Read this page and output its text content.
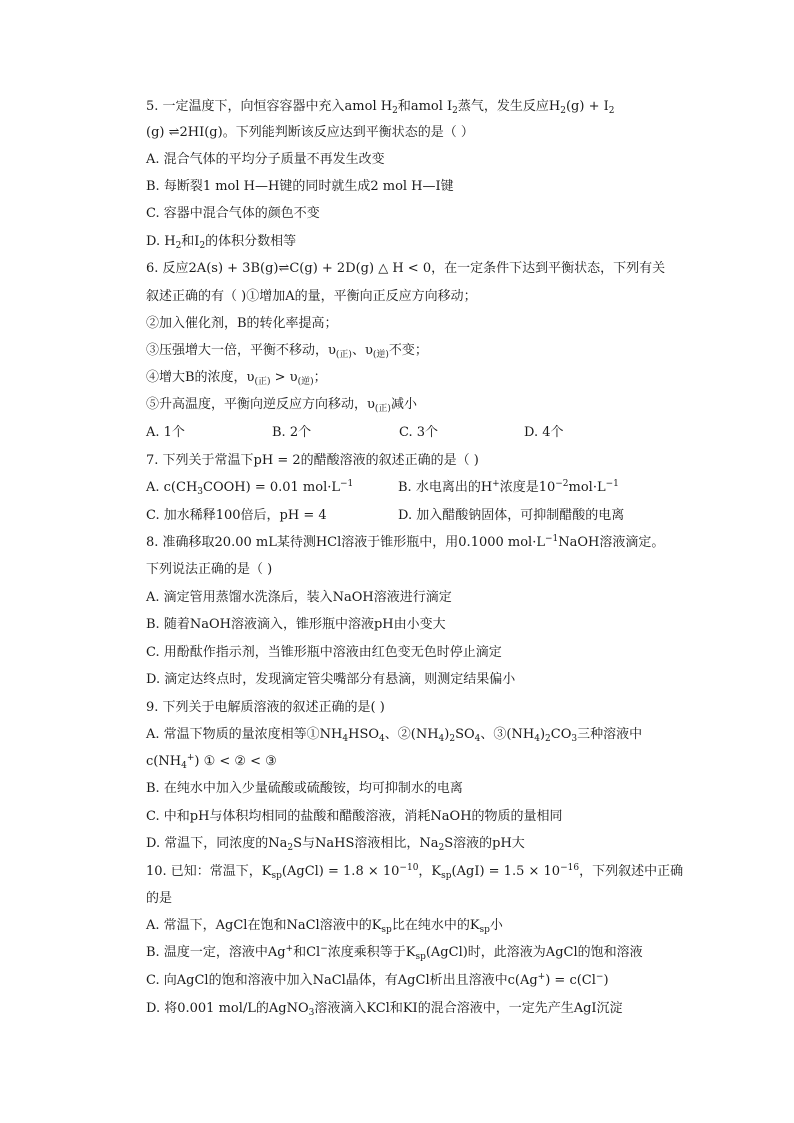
5. 一定温度下，向恒容容器中充入amol $H_2$和amol $I_2$蒸气，发生反应$H_2(g) + I_2$
(g) ⇌2HI(g)。下列能判断该反应达到平衡状态的是（ ）
A. 混合气体的平均分子质量不再发生改变
B. 每断裂1 mol H—H键的同时就生成2 mol H—I键
C. 容器中混合气体的颜色不变
D. $H_2$和$I_2$的体积分数相等
6. 反应2A(s) + 3B(g)⇌C(g) + 2D(g) △ H < 0，在一定条件下达到平衡状态，下列有关
叙述正确的有（ )①增加A的量，平衡向正反应方向移动；
②加入催化剂，B的转化率提高；
③压强增大一倍，平衡不移动，$\upsilon_{(正)}$、$\upsilon_{(逆)}$不变；
④增大B的浓度，$\upsilon_{(正)} > \upsilon_{(逆)}$；
⑤升高温度，平衡向逆反应方向移动，$\upsilon_{(正)}$减小
A. 1个	B. 2个	C. 3个	D. 4个
7. 下列关于常温下pH = 2的醋酸溶液的叙述正确的是（ )
A. $c(CH_3COOH) = 0.01$ $mol\cdot L^{-1}$	B. 水电离出的H+浓度是$10^{-2}mol\cdot L^{-1}$
C. 加水稀释100倍后，pH = 4	D. 加入醋酸钠固体，可抑制醋酸的电离
8. 准确移取20.00 mL某待测HCl溶液于锥形瓶中，用0.1000 $mol\cdot L^{-1}NaOH$溶液滴定。
下列说法正确的是（ )
A. 滴定管用蒸馏水洗涤后，装入NaOH溶液进行滴定
B. 随着NaOH溶液滴入，锥形瓶中溶液pH由小变大
C. 用酚酞作指示剂，当锥形瓶中溶液由红色变无色时停止滴定
D. 滴定达终点时，发现滴定管尖嘴部分有悬滴，则测定结果偏小
9. 下列关于电解质溶液的叙述正确的是( )
A. 常温下物质的量浓度相等$①NH_4HSO_4$、$②(NH_4)_2SO_4$、$③(NH_4)_2CO_3$三种溶液中
$c(NH_4^+)$ ① < ② < ③
B. 在纯水中加入少量硫酸或硫酸铵，均可抑制水的电离
C. 中和pH与体积均相同的盐酸和醋酸溶液，消耗NaOH的物质的量相同
D. 常温下，同浓度的$Na_2S$与NaHS溶液相比，$Na_2S$溶液的pH大
10. 已知：常温下，$K_{sp}(AgCl) = 1.8 \times 10^{-10}$，$K_{sp}(AgI) = 1.5 \times 10^{-16}$，下列叙述中正确
的是
A. 常温下，AgCl在饱和NaCl溶液中的$K_{sp}$比在纯水中的$K_{sp}$小
B. 温度一定，溶液中Ag+和Cl−浓度乘积等于$K_{sp}(AgCl)$时，此溶液为AgCl的饱和溶液
C. 向AgCl的饱和溶液中加入NaCl晶体，有AgCl析出且溶液中c(Ag+) = c(Cl−)
D. 将0.001 mol/L的AgNO$_3$溶液滴入KCl和KI的混合溶液中，一定先产生AgI沉淀
